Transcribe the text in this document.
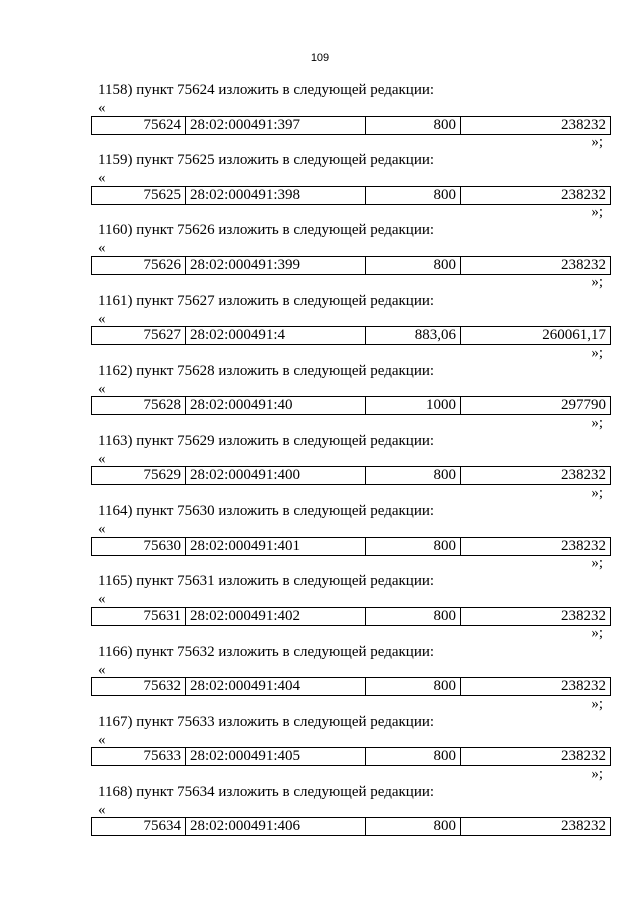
109
1158) пункт 75624 изложить в следующей редакции:
«
75624	28:02:000491:397	800	238232
»;
1159) пункт 75625 изложить в следующей редакции:
«
75625	28:02:000491:398	800	238232
»;
1160) пункт 75626 изложить в следующей редакции:
«
75626	28:02:000491:399	800	238232
»;
1161) пункт 75627 изложить в следующей редакции:
«
75627	28:02:000491:4	883,06	260061,17
»;
1162) пункт 75628 изложить в следующей редакции:
«
75628	28:02:000491:40	1000	297790
»;
1163) пункт 75629 изложить в следующей редакции:
«
75629	28:02:000491:400	800	238232
»;
1164) пункт 75630 изложить в следующей редакции:
«
75630	28:02:000491:401	800	238232
»;
1165) пункт 75631 изложить в следующей редакции:
«
75631	28:02:000491:402	800	238232
»;
1166) пункт 75632 изложить в следующей редакции:
«
75632	28:02:000491:404	800	238232
»;
1167) пункт 75633 изложить в следующей редакции:
«
75633	28:02:000491:405	800	238232
»;
1168) пункт 75634 изложить в следующей редакции:
«
75634	28:02:000491:406	800	238232
